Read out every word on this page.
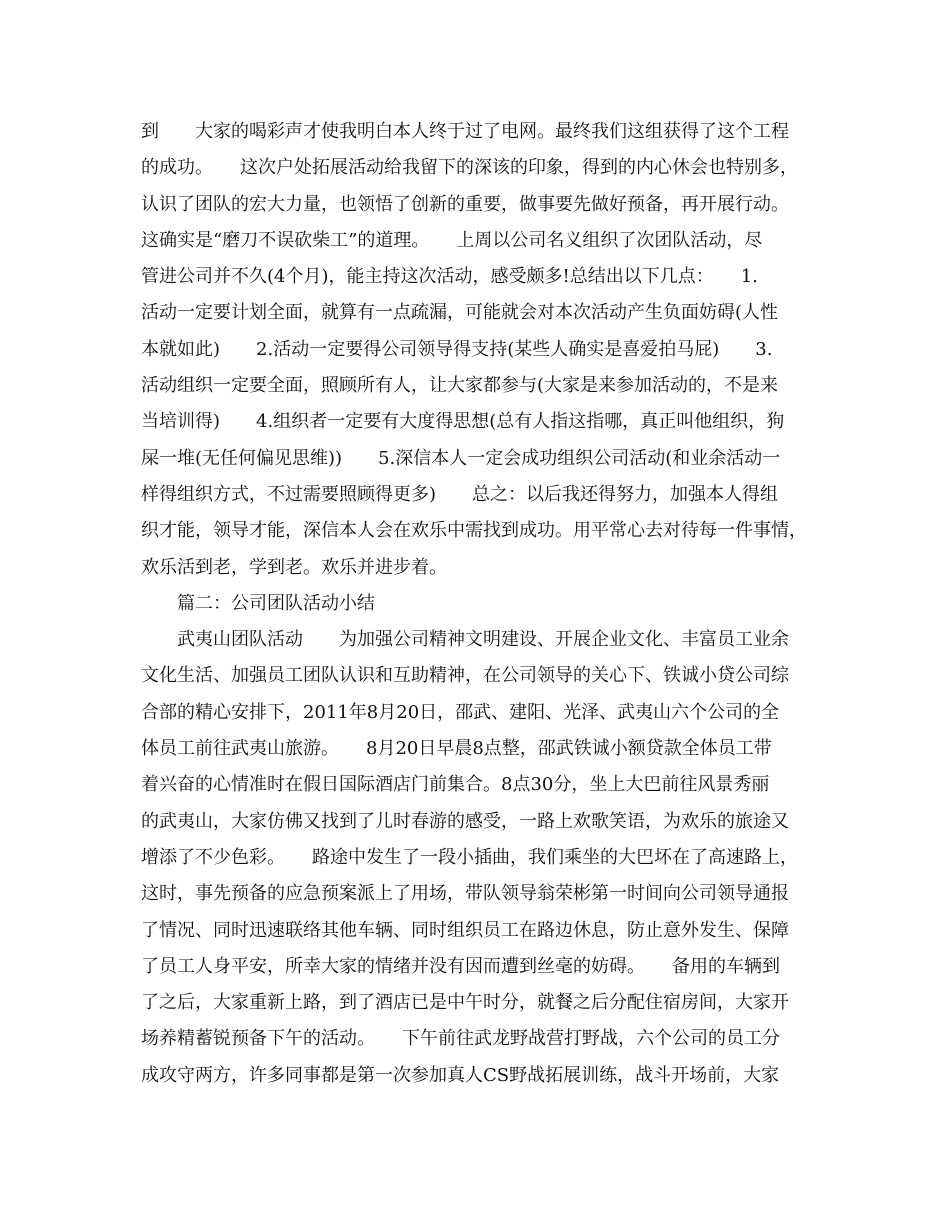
到　　大家的喝彩声才使我明白本人终于过了电网。最终我们这组获得了这个工程
的成功。　　这次户处拓展活动给我留下的深该的印象，得到的内心休会也特别多，
认识了团队的宏大力量，也领悟了创新的重要，做事要先做好预备，再开展行动。
这确实是“磨刀不误砍柴工”的道理。　　上周以公司名义组织了次团队活动，尽
管进公司并不久(4个月)，能主持这次活动，感受颇多!总结出以下几点：　　1.
活动一定要计划全面，就算有一点疏漏，可能就会对本次活动产生负面妨碍(人性
本就如此)　　2.活动一定要得公司领导得支持(某些人确实是喜爱拍马屁)　　3.
活动组织一定要全面，照顾所有人，让大家都参与(大家是来参加活动的，不是来
当培训得)　　4.组织者一定要有大度得思想(总有人指这指哪，真正叫他组织，狗
屎一堆(无任何偏见思维))　　5.深信本人一定会成功组织公司活动(和业余活动一
样得组织方式，不过需要照顾得更多)　　总之：以后我还得努力，加强本人得组
织才能，领导才能，深信本人会在欢乐中需找到成功。用平常心去对待每一件事情，
欢乐活到老，学到老。欢乐并进步着。
　　篇二：公司团队活动小结
　　武夷山团队活动　　为加强公司精神文明建设、开展企业文化、丰富员工业余
文化生活、加强员工团队认识和互助精神，在公司领导的关心下、铁诚小贷公司综
合部的精心安排下，2011年8月20日，邵武、建阳、光泽、武夷山六个公司的全
体员工前往武夷山旅游。　　8月20日早晨8点整，邵武铁诚小额贷款全体员工带
着兴奋的心情准时在假日国际酒店门前集合。8点30分，坐上大巴前往风景秀丽
的武夷山，大家仿佛又找到了儿时春游的感受，一路上欢歌笑语，为欢乐的旅途又
增添了不少色彩。　　路途中发生了一段小插曲，我们乘坐的大巴坏在了高速路上，
这时，事先预备的应急预案派上了用场，带队领导翁荣彬第一时间向公司领导通报
了情况、同时迅速联络其他车辆、同时组织员工在路边休息，防止意外发生、保障
了员工人身平安，所幸大家的情绪并没有因而遭到丝毫的妨碍。　　备用的车辆到
了之后，大家重新上路，到了酒店已是中午时分，就餐之后分配住宿房间，大家开
场养精蓄锐预备下午的活动。　　下午前往武龙野战营打野战，六个公司的员工分
成攻守两方，许多同事都是第一次参加真人CS野战拓展训练，战斗开场前，大家
